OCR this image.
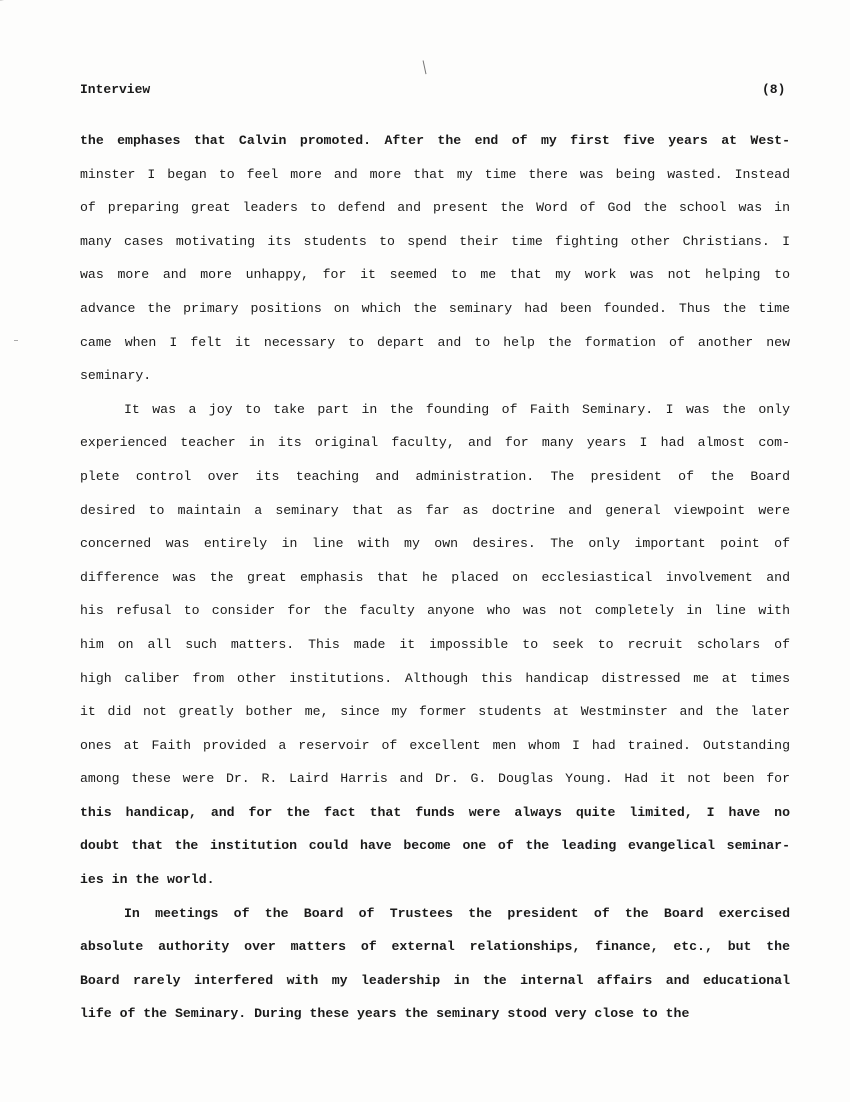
Interview	(8)
the emphases that Calvin promoted. After the end of my first five years at West-
minster I began to feel more and more that my time there was being wasted. Instead
of preparing great leaders to defend and present the Word of God the school was in
many cases motivating its students to spend their time fighting other Christians. I
was more and more unhappy, for it seemed to me that my work was not helping to
advance the primary positions on which the seminary had been founded. Thus the time
came when I felt it necessary to depart and to help the formation of another new
seminary.
It was a joy to take part in the founding of Faith Seminary. I was the only
experienced teacher in its original faculty, and for many years I had almost com-
plete control over its teaching and administration. The president of the Board
desired to maintain a seminary that as far as doctrine and general viewpoint were
concerned was entirely in line with my own desires. The only important point of
difference was the great emphasis that he placed on ecclesiastical involvement and
his refusal to consider for the faculty anyone who was not completely in line with
him on all such matters. This made it impossible to seek to recruit scholars of
high caliber from other institutions. Although this handicap distressed me at times
it did not greatly bother me, since my former students at Westminster and the later
ones at Faith provided a reservoir of excellent men whom I had trained. Outstanding
among these were Dr. R. Laird Harris and Dr. G. Douglas Young. Had it not been for
this handicap, and for the fact that funds were always quite limited, I have no
doubt that the institution could have become one of the leading evangelical seminar-
ies in the world.
In meetings of the Board of Trustees the president of the Board exercised
absolute authority over matters of external relationships, finance, etc., but the
Board rarely interfered with my leadership in the internal affairs and educational
life of the Seminary. During these years the seminary stood very close to the
